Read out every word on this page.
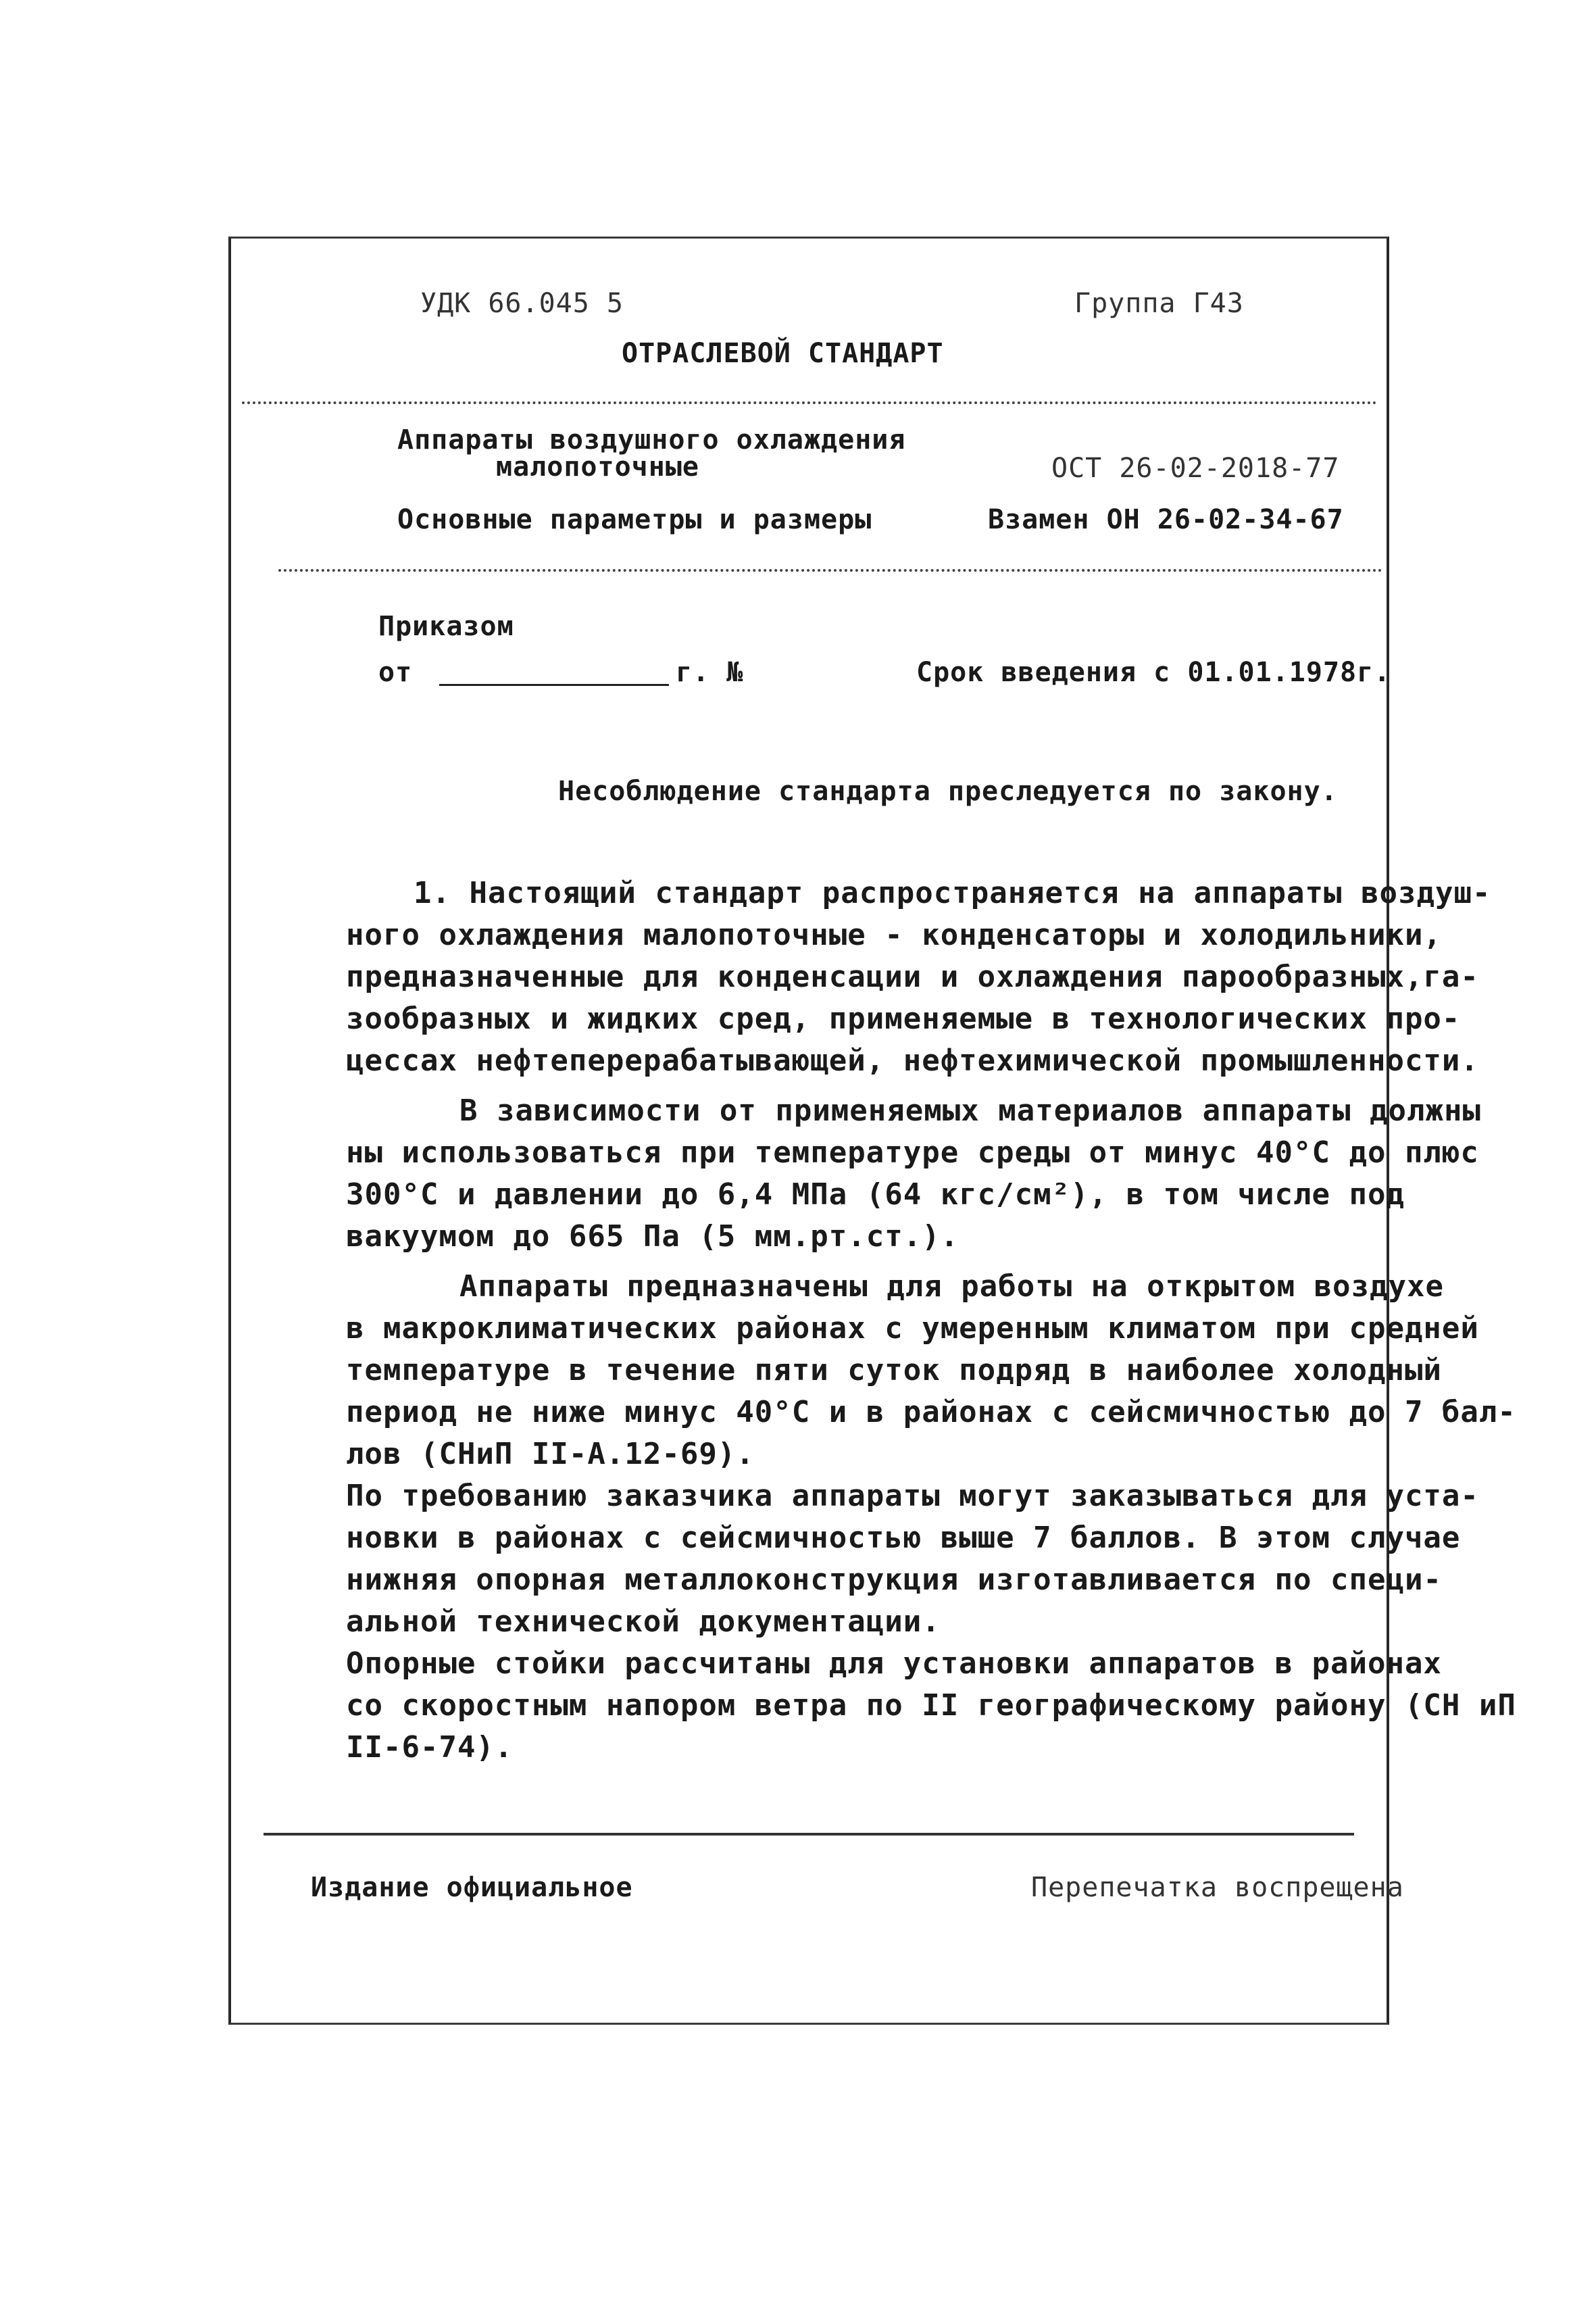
УДК 66.045 5	Группа Г43
ОТРАСЛЕВОЙ СТАНДАРТ
Аппараты воздушного охлаждения
малопоточные	ОСТ 26-02-2018-77
Основные параметры и размеры	Взамен ОН 26-02-34-67
Приказом
от	г. №	Срок введения с 01.01.1978г.
Несоблюдение стандарта преследуется по закону.
1. Настоящий стандарт распространяется на аппараты воздуш-
ного охлаждения малопоточные - конденсаторы и холодильники,
предназначенные для конденсации и охлаждения парообразных,га-
зообразных и жидких сред, применяемые в технологических про-
цессах нефтеперерабатывающей, нефтехимической промышленности.
В зависимости от применяемых материалов аппараты должны
ны использоваться при температуре среды от минус 40°C до плюс
300°C и давлении до 6,4 МПа (64 кгс/см²), в том числе под
вакуумом до 665 Па (5 мм.рт.ст.).
Аппараты предназначены для работы на открытом воздухе
в макроклиматических районах с умеренным климатом при средней
температуре в течение пяти суток подряд в наиболее холодный
период не ниже минус 40°C и в районах с сейсмичностью до 7 бал-
лов (СНиП II-А.12-69).
По требованию заказчика аппараты могут заказываться для уста-
новки в районах с сейсмичностью выше 7 баллов. В этом случае
нижняя опорная металлоконструкция изготавливается по специ-
альной технической документации.
Опорные стойки рассчитаны для установки аппаратов в районах
со скоростным напором ветра по II географическому району (СН иП
II-6-74).
Издание официальное	Перепечатка воспрещена
